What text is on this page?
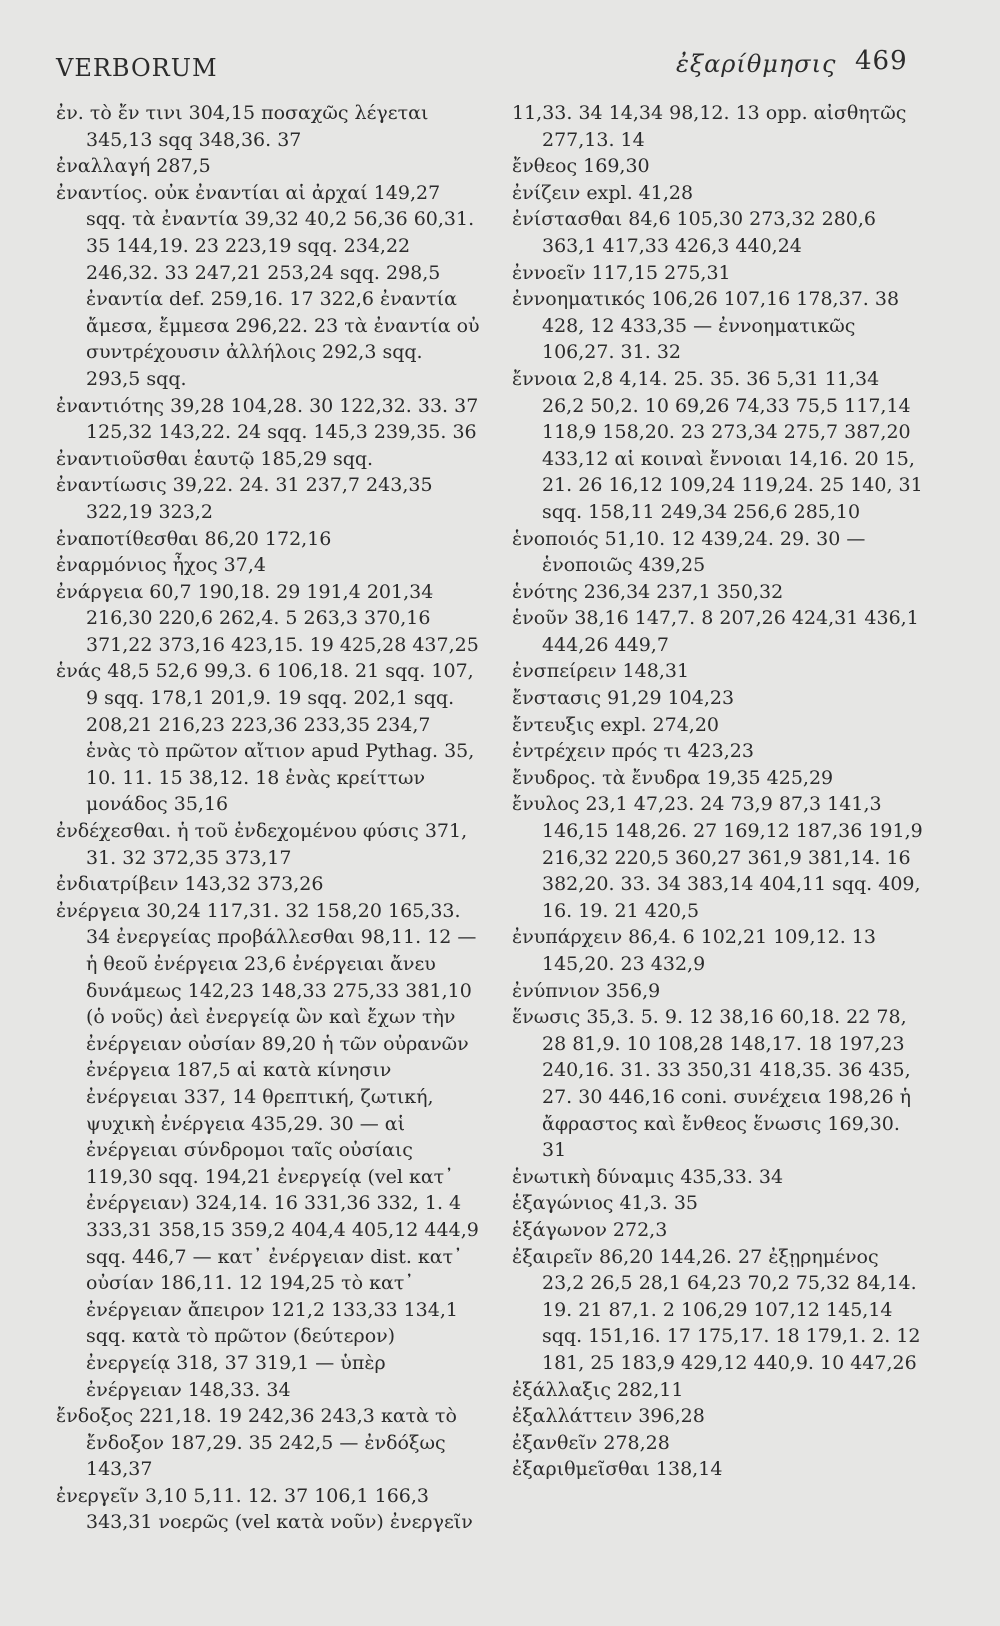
VERBORUM	ἐξαρίθμησις 469
ἐν. τὸ ἔν τινι 304,15 ποσαχῶς λέγεται 345,13 sqq 348,36. 37
ἐναλλαγή 287,5
ἐναντίος. οὐκ ἐναντίαι αἱ ἀρχαί 149,27 sqq. τὰ ἐναντία 39,32 40,2 56,36 60,31. 35 144,19. 23 223,19 sqq. 234,22 246,32. 33 247,21 253,24 sqq. 298,5 ἐναντία def. 259,16. 17 322,6 ἐναντία ἄμεσα, ἔμμεσα 296,22. 23 τὰ ἐναντία οὐ συντρέχουσιν ἀλλήλοις 292,3 sqq. 293,5 sqq.
ἐναντιότης 39,28 104,28. 30 122,32. 33. 37 125,32 143,22. 24 sqq. 145,3 239,35. 36
ἐναντιοῦσθαι ἑαυτῷ 185,29 sqq.
ἐναντίωσις 39,22. 24. 31 237,7 243,35 322,19 323,2
ἐναποτίθεσθαι 86,20 172,16
ἐναρμόνιος ἦχος 37,4
ἐνάργεια 60,7 190,18. 29 191,4 201,34 216,30 220,6 262,4. 5 263,3 370,16 371,22 373,16 423,15. 19 425,28 437,25
ἑνάς 48,5 52,6 99,3. 6 106,18. 21 sqq. 107, 9 sqq. 178,1 201,9. 19 sqq. 202,1 sqq. 208,21 216,23 223,36 233,35 234,7 ἑνὰς τὸ πρῶτον αἴτιον apud Pythag. 35, 10. 11. 15 38,12. 18 ἑνὰς κρείττων μονάδος 35,16
ἐνδέχεσθαι. ἡ τοῦ ἐνδεχομένου φύσις 371, 31. 32 372,35 373,17
ἐνδιατρίβειν 143,32 373,26
ἐνέργεια 30,24 117,31. 32 158,20 165,33. 34 ἐνεργείας προβάλλεσθαι 98,11. 12 — ἡ θεοῦ ἐνέργεια 23,6 ἐνέργειαι ἄνευ δυνάμεως 142,23 148,33 275,33 381,10 (ὁ νοῦς) ἀεὶ ἐνεργείᾳ ὢν καὶ ἔχων τὴν ἐνέργειαν οὐσίαν 89,20 ἡ τῶν οὐρανῶν ἐνέργεια 187,5 αἱ κατὰ κίνησιν ἐνέργειαι 337, 14 θρεπτική, ζωτική, ψυχικὴ ἐνέργεια 435,29. 30 — αἱ ἐνέργειαι σύνδρομοι ταῖς οὐσίαις 119,30 sqq. 194,21 ἐνεργείᾳ (vel κατ᾽ ἐνέργειαν) 324,14. 16 331,36 332, 1. 4 333,31 358,15 359,2 404,4 405,12 444,9 sqq. 446,7 — κατ᾽ ἐνέργειαν dist. κατ᾽ οὐσίαν 186,11. 12 194,25 τὸ κατ᾽ ἐνέργειαν ἄπειρον 121,2 133,33 134,1 sqq. κατὰ τὸ πρῶτον (δεύτερον) ἐνεργείᾳ 318, 37 319,1 — ὑπὲρ ἐνέργειαν 148,33. 34
ἔνδοξος 221,18. 19 242,36 243,3 κατὰ τὸ ἔνδοξον 187,29. 35 242,5 — ἐνδόξως 143,37
ἐνεργεῖν 3,10 5,11. 12. 37 106,1 166,3 343,31 νοερῶς (vel κατὰ νοῦν) ἐνεργεῖν
11,33. 34 14,34 98,12. 13 opp. αἰσθητῶς 277,13. 14
ἔνθεος 169,30
ἐνίζειν expl. 41,28
ἐνίστασθαι 84,6 105,30 273,32 280,6 363,1 417,33 426,3 440,24
ἐννοεῖν 117,15 275,31
ἐννοηματικός 106,26 107,16 178,37. 38 428, 12 433,35 — ἐννοηματικῶς 106,27. 31. 32
ἔννοια 2,8 4,14. 25. 35. 36 5,31 11,34 26,2 50,2. 10 69,26 74,33 75,5 117,14 118,9 158,20. 23 273,34 275,7 387,20 433,12 αἱ κοιναὶ ἔννοιαι 14,16. 20 15, 21. 26 16,12 109,24 119,24. 25 140, 31 sqq. 158,11 249,34 256,6 285,10
ἑνοποιός 51,10. 12 439,24. 29. 30 — ἑνοποιῶς 439,25
ἑνότης 236,34 237,1 350,32
ἑνοῦν 38,16 147,7. 8 207,26 424,31 436,1 444,26 449,7
ἐνσπείρειν 148,31
ἔνστασις 91,29 104,23
ἔντευξις expl. 274,20
ἐντρέχειν πρός τι 423,23
ἔνυδρος. τὰ ἔνυδρα 19,35 425,29
ἔνυλος 23,1 47,23. 24 73,9 87,3 141,3 146,15 148,26. 27 169,12 187,36 191,9 216,32 220,5 360,27 361,9 381,14. 16 382,20. 33. 34 383,14 404,11 sqq. 409, 16. 19. 21 420,5
ἐνυπάρχειν 86,4. 6 102,21 109,12. 13 145,20. 23 432,9
ἐνύπνιον 356,9
ἕνωσις 35,3. 5. 9. 12 38,16 60,18. 22 78, 28 81,9. 10 108,28 148,17. 18 197,23 240,16. 31. 33 350,31 418,35. 36 435, 27. 30 446,16 coni. συνέχεια 198,26 ἡ ἄφραστος καὶ ἔνθεος ἕνωσις 169,30. 31
ἑνωτικὴ δύναμις 435,33. 34
ἑξαγώνιος 41,3. 35
ἑξάγωνον 272,3
ἐξαιρεῖν 86,20 144,26. 27 ἐξῃρημένος 23,2 26,5 28,1 64,23 70,2 75,32 84,14. 19. 21 87,1. 2 106,29 107,12 145,14 sqq. 151,16. 17 175,17. 18 179,1. 2. 12 181, 25 183,9 429,12 440,9. 10 447,26
ἐξάλλαξις 282,11
ἐξαλλάττειν 396,28
ἐξανθεῖν 278,28
ἐξαριθμεῖσθαι 138,14
